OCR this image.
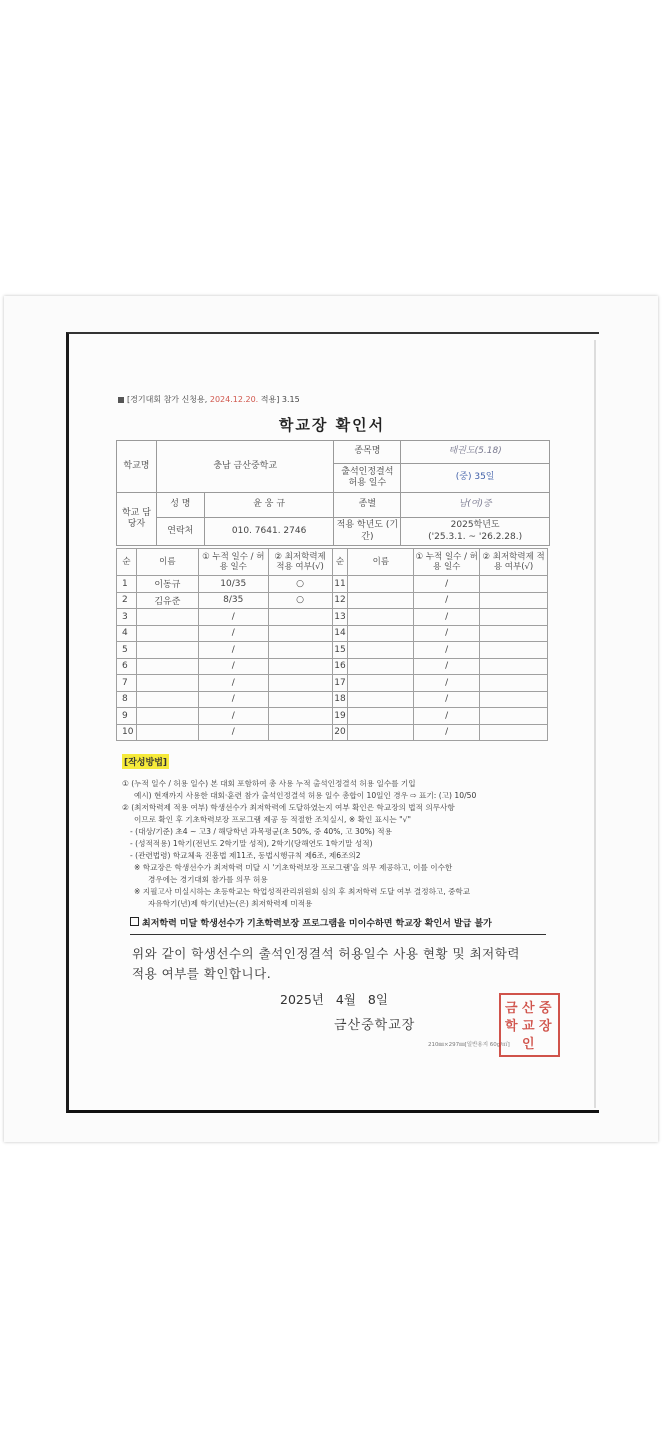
[경기대회 참가 신청용, 2024.12.20. 적용] 3.15
학교장 확인서
학교명	충남 금산중학교		종목명	태권도(5.18)
			출석인정결석 허용 일수	(중) 35일
학교 담당자	성 명	윤 웅 규	종별	남(여)중
	연락처	010. 7641. 2746	적용 학년도 (기간)	2025학년도
('25.3.1. ~ '26.2.28.)
순	이름	① 누적 일수 / 허용 일수	② 최저학력제 적용 여부(√)	순	이름	① 누적 일수 / 허용 일수	② 최저학력제 적용 여부(√)
1	이동규	10/35	○	11		/	
2	김유준	8/35	○	12		/	
3		/		13		/	
4		/		14		/	
5		/		15		/	
6		/		16		/	
7		/		17		/	
8		/		18		/	
9		/		19		/	
10		/		20		/	
[작성방법]
① (누적 일수 / 허용 일수) 본 대회 포함하여 총 사용 누적 출석인정결석 허용 일수를 기입
예시) 현재까지 사용한 대회·훈련 참가 출석인정결석 허용 일수 총합이 10일인 경우 ⇨ 표기: (고) 10/50
② (최저학력제 적용 여부) 학생선수가 최저학력에 도달하였는지 여부 확인은 학교장의 법적 의무사항
이므로 확인 후 기초학력보장 프로그램 제공 등 적절한 조치실시, ※ 확인 표시는 "√"
- (대상/기준) 초4 ~ 고3 / 해당학년 과목평균(초 50%, 중 40%, 고 30%) 적용
- (성적적용) 1학기(전년도 2학기말 성적), 2학기(당해연도 1학기말 성적)
- (관련법령) 학교체육 진흥법 제11조, 동법시행규칙 제6조, 제6조의2
※ 학교장은 학생선수가 최저학력 미달 시 '기초학력보장 프로그램'을 의무 제공하고, 이를 이수한
경우에는 경기대회 참가를 의무 허용
※ 지필고사 미실시하는 초등학교는 학업성적관리위원회 심의 후 최저학력 도달 여부 결정하고, 중학교
자유학기(년)제 학기(년)는(은) 최저학력제 미적용
최저학력 미달 학생선수가 기초학력보장 프로그램을 미이수하면 학교장 확인서 발급 불가
위와 같이 학생선수의 출석인정결석 허용일수 사용 현황 및 최저학력
적용 여부를 확인합니다.
2025년 4월 8일
금산중학교장
210㎜×297㎜[일반용지 60g/㎡]
금 산 중
학 교 장
인
